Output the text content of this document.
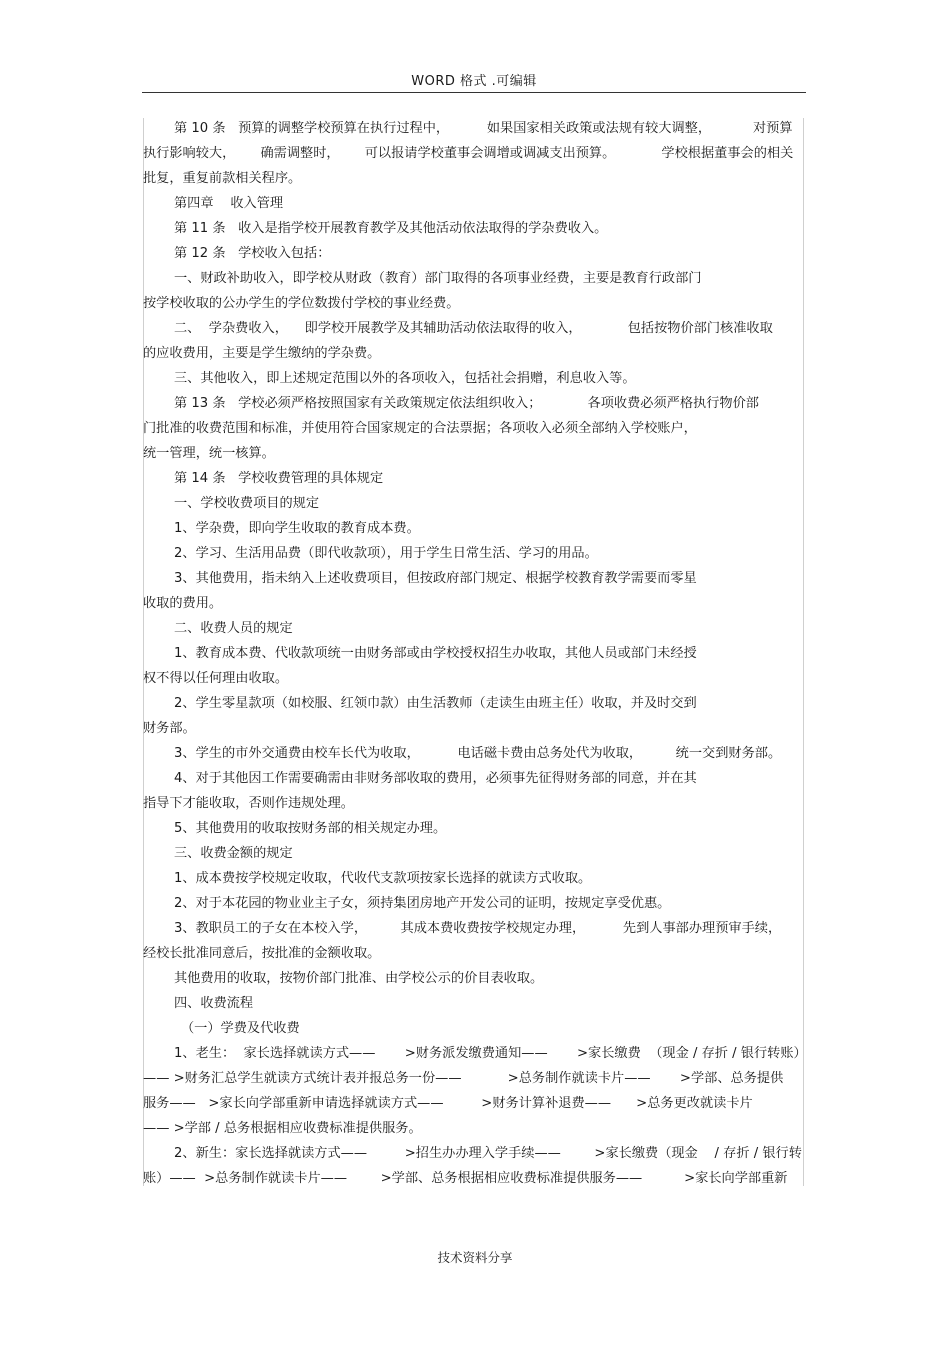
WORD 格式 .可编辑
第 10 条   预算的调整学校预算在执行过程中，         如果国家相关政策或法规有较大调整，          对预算
执行影响较大，      确需调整时，      可以报请学校董事会调增或调减支出预算。           学校根据董事会的相关
批复，重复前款相关程序。
第四章    收入管理
第 11 条   收入是指学校开展教育教学及其他活动依法取得的学杂费收入。
第 12 条   学校收入包括：
一、财政补助收入，即学校从财政（教育）部门取得的各项事业经费，主要是教育行政部门
按学校收取的公办学生的学位数拨付学校的事业经费。
二、  学杂费收入，    即学校开展教学及其辅助活动依法取得的收入，           包括按物价部门核准收取
的应收费用，主要是学生缴纳的学杂费。
三、其他收入，即上述规定范围以外的各项收入，包括社会捐赠，利息收入等。
第 13 条   学校必须严格按照国家有关政策规定依法组织收入；           各项收费必须严格执行物价部
门批准的收费范围和标准，并使用符合国家规定的合法票据；各项收入必须全部纳入学校账户，
统一管理，统一核算。
第 14 条   学校收费管理的具体规定
一、学校收费项目的规定
1、学杂费，即向学生收取的教育成本费。
2、学习、生活用品费（即代收款项），用于学生日常生活、学习的用品。
3、其他费用，指未纳入上述收费项目，但按政府部门规定、根据学校教育教学需要而零星
收取的费用。
二、收费人员的规定
1、教育成本费、代收款项统一由财务部或由学校授权招生办收取，其他人员或部门未经授
权不得以任何理由收取。
2、学生零星款项（如校服、红领巾款）由生活教师（走读生由班主任）收取，并及时交到
财务部。
3、学生的市外交通费由校车长代为收取，         电话磁卡费由总务处代为收取，        统一交到财务部。
4、对于其他因工作需要确需由非财务部收取的费用，必须事先征得财务部的同意，并在其
指导下才能收取，否则作违规处理。
5、其他费用的收取按财务部的相关规定办理。
三、收费金额的规定
1、成本费按学校规定收取，代收代支款项按家长选择的就读方式收取。
2、对于本花园的物业业主子女，须持集团房地产开发公司的证明，按规定享受优惠。
3、教职员工的子女在本校入学，        其成本费收费按学校规定办理，         先到人事部办理预审手续，
经校长批准同意后，按批准的金额收取。
其他费用的收取，按物价部门批准、由学校公示的价目表收取。
四、收费流程
（一）学费及代收费
1、老生：  家长选择就读方式——       >财务派发缴费通知——       >家长缴费  （现金 / 存折 / 银行转账）
—— >财务汇总学生就读方式统计表并报总务一份——           >总务制作就读卡片——       >学部、总务提供
服务——   >家长向学部重新申请选择就读方式——         >财务计算补退费——      >总务更改就读卡片
—— >学部 / 总务根据相应收费标准提供服务。
2、新生：家长选择就读方式——         >招生办办理入学手续——        >家长缴费（现金    / 存折 / 银行转
账）——  >总务制作就读卡片——        >学部、总务根据相应收费标准提供服务——          >家长向学部重新
技术资料分享
